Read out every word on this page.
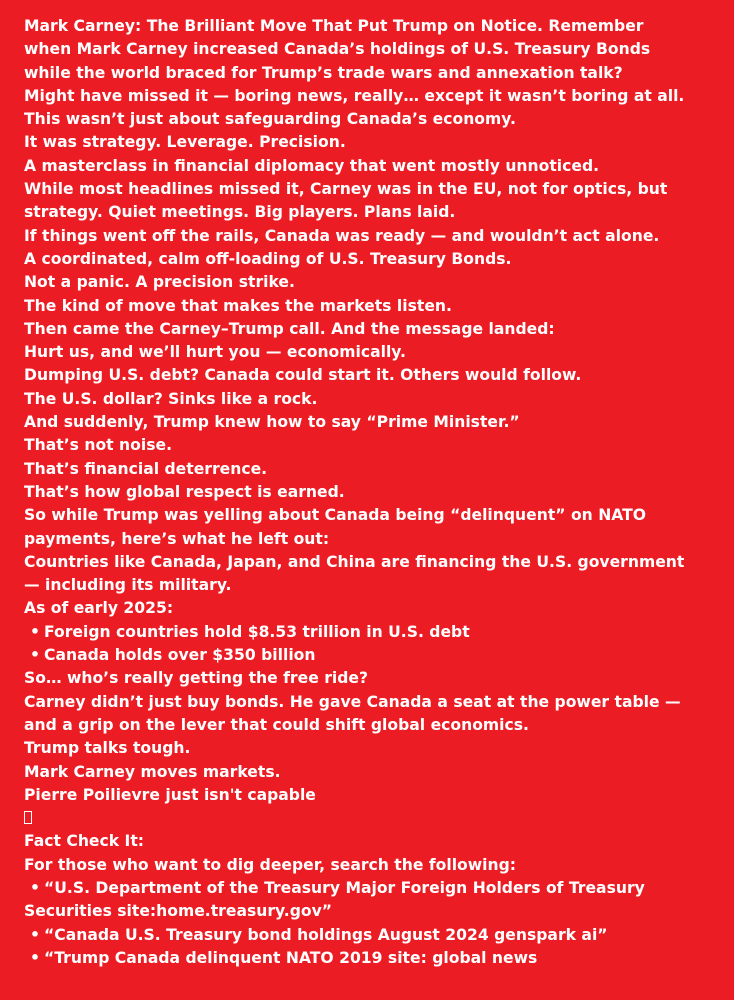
Mark Carney: The Brilliant Move That Put Trump on Notice. Remember
when Mark Carney increased Canada’s holdings of U.S. Treasury Bonds
while the world braced for Trump’s trade wars and annexation talk?
Might have missed it — boring news, really… except it wasn’t boring at all.
This wasn’t just about safeguarding Canada’s economy.
It was strategy. Leverage. Precision.
A masterclass in financial diplomacy that went mostly unnoticed.
While most headlines missed it, Carney was in the EU, not for optics, but
strategy. Quiet meetings. Big players. Plans laid.
If things went off the rails, Canada was ready — and wouldn’t act alone.
A coordinated, calm off-loading of U.S. Treasury Bonds.
Not a panic. A precision strike.
The kind of move that makes the markets listen.
Then came the Carney–Trump call. And the message landed:
Hurt us, and we’ll hurt you — economically.
Dumping U.S. debt? Canada could start it. Others would follow.
The U.S. dollar? Sinks like a rock.
And suddenly, Trump knew how to say “Prime Minister.”
That’s not noise.
That’s financial deterrence.
That’s how global respect is earned.
So while Trump was yelling about Canada being “delinquent” on NATO
payments, here’s what he left out:
Countries like Canada, Japan, and China are financing the U.S. government
— including its military.
As of early 2025:
• Foreign countries hold $8.53 trillion in U.S. debt
• Canada holds over $350 billion
So… who’s really getting the free ride?
Carney didn’t just buy bonds. He gave Canada a seat at the power table —
and a grip on the lever that could shift global economics.
Trump talks tough.
Mark Carney moves markets.
Pierre Poilievre just isn't capable
Fact Check It:
For those who want to dig deeper, search the following:
• “U.S. Department of the Treasury Major Foreign Holders of Treasury
Securities site:home.treasury.gov”
• “Canada U.S. Treasury bond holdings August 2024 genspark ai”
• “Trump Canada delinquent NATO 2019 site: global news
